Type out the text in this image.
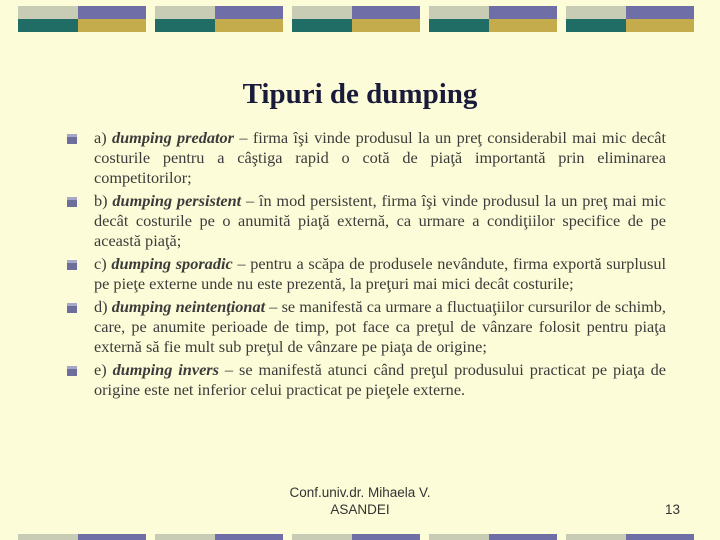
Tipuri de dumping
a) dumping predator – firma îşi vinde produsul la un preţ considerabil mai mic decât costurile pentru a câştiga rapid o cotă de piaţă importantă prin eliminarea competitorilor;
b) dumping persistent – în mod persistent, firma îşi vinde produsul la un preţ mai mic decât costurile pe o anumită piaţă externă, ca urmare a condiţiilor specifice de pe această piaţă;
c) dumping sporadic – pentru a scăpa de produsele nevândute, firma exportă surplusul pe pieţe externe unde nu este prezentă, la preţuri mai mici decât costurile;
d) dumping neintenţionat – se manifestă ca urmare a fluctuaţiilor cursurilor de schimb, care, pe anumite perioade de timp, pot face ca preţul de vânzare folosit pentru piaţa externă să fie mult sub preţul de vânzare pe piaţa de origine;
e) dumping invers – se manifestă atunci când preţul produsului practicat pe piaţa de origine este net inferior celui practicat pe pieţele externe.
Conf.univ.dr. Mihaela V.
ASANDEI	13
